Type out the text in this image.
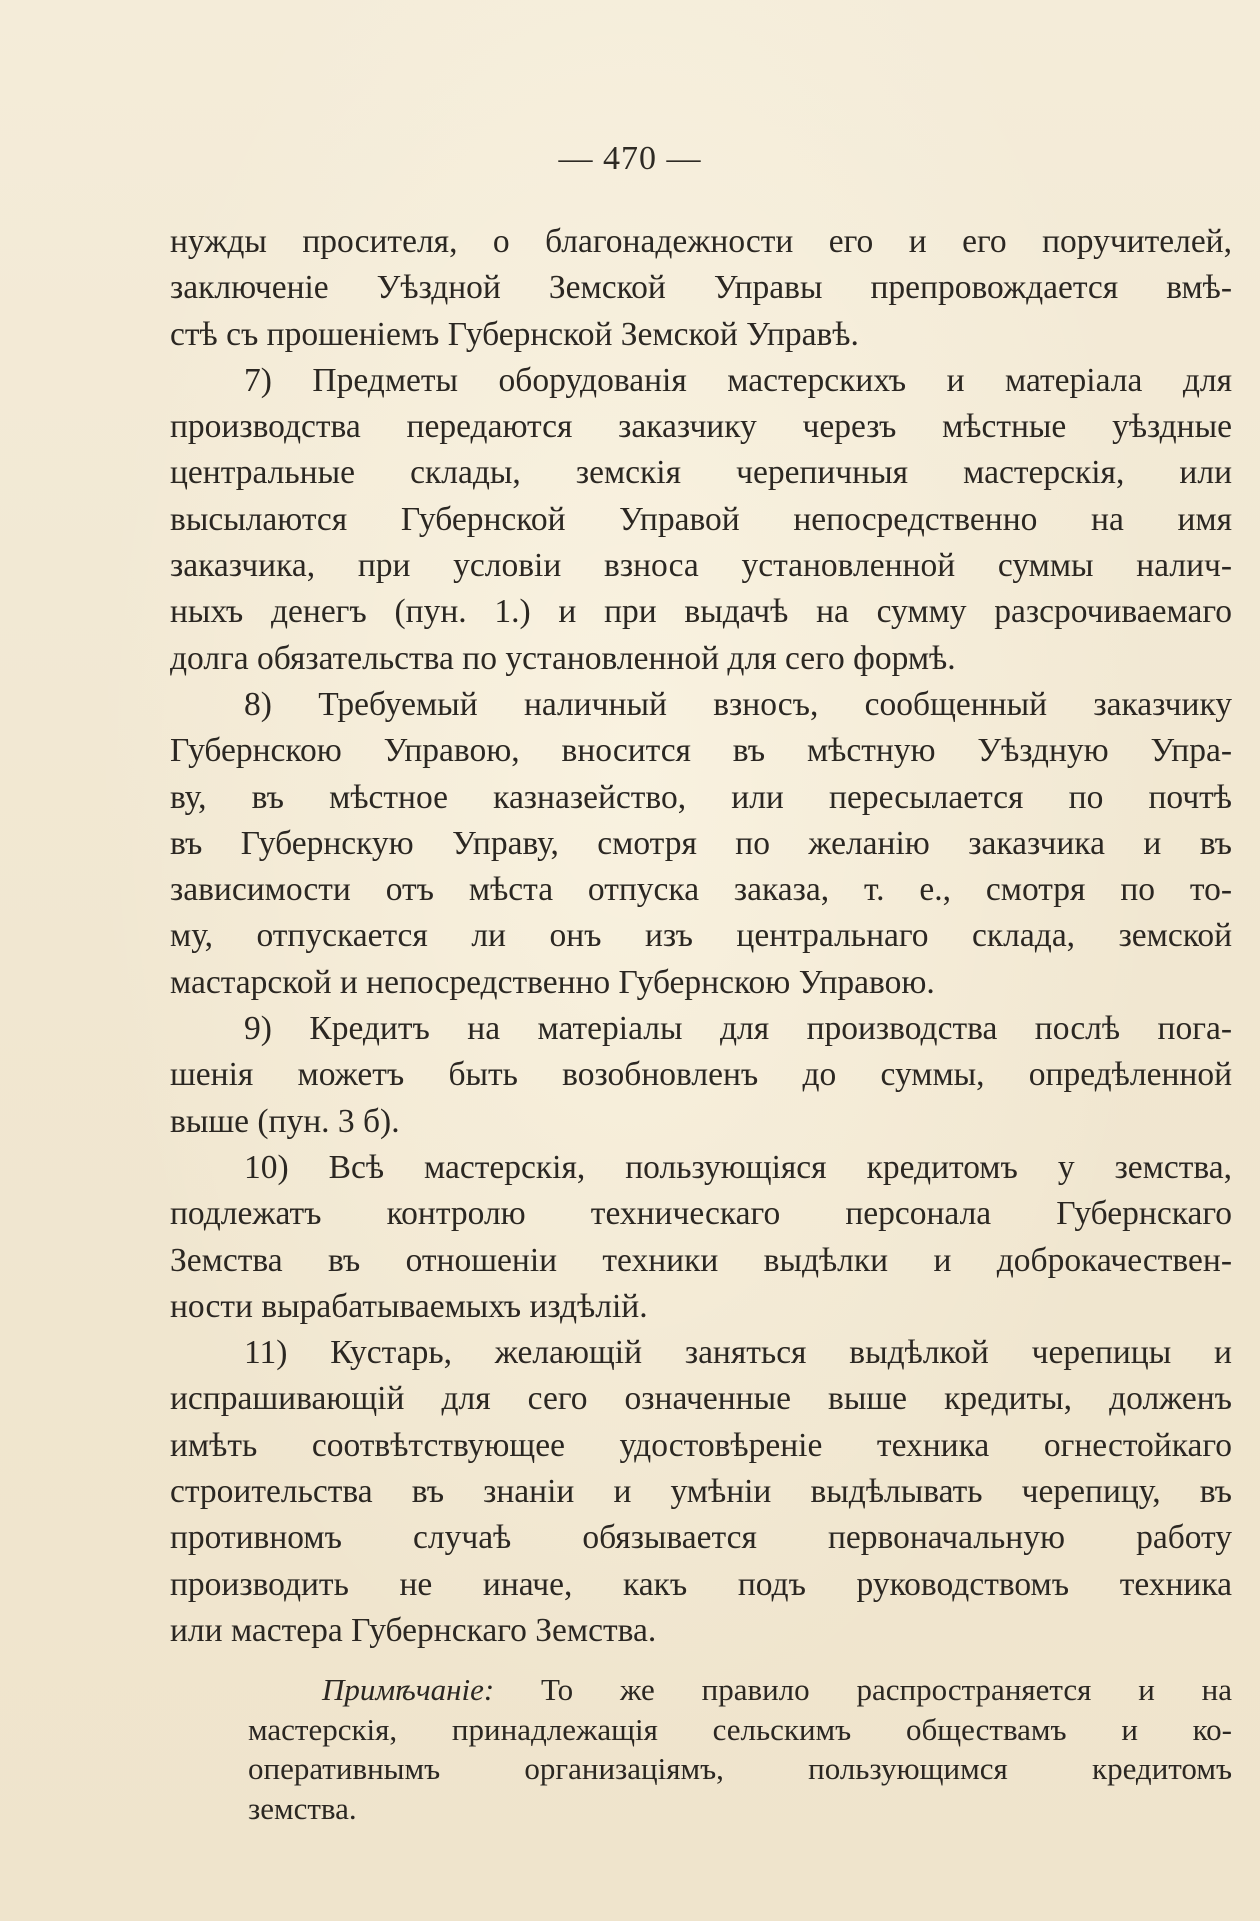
— 470 —
нужды просителя, о благонадежности его и его поручителей,
заключенiе Уѣздной Земской Управы препровождается вмѣ-
стѣ съ прошенiемъ Губернской Земской Управѣ.
7) Предметы оборудованiя мастерскихъ и матерiала для
производства передаются заказчику черезъ мѣстные уѣздные
центральные склады, земскiя черепичныя мастерскiя, или
высылаются Губернской Управой непосредственно на имя
заказчика, при условiи взноса установленной суммы налич-
ныхъ денегъ (пун. 1.) и при выдачѣ на сумму разсрочиваемаго
долга обязательства по установленной для сего формѣ.
8) Требуемый наличный взносъ, сообщенный заказчику
Губернскою Управою, вносится въ мѣстную Уѣздную Упра-
ву, въ мѣстное казназейство, или пересылается по почтѣ
въ Губернскую Управу, смотря по желанiю заказчика и въ
зависимости отъ мѣста отпуска заказа, т. е., смотря по то-
му, отпускается ли онъ изъ центральнаго склада, земской
мастарской и непосредственно Губернскою Управою.
9) Кредитъ на матерiалы для производства послѣ пога-
шенiя можетъ быть возобновленъ до суммы, опредѣленной
выше (пун. 3 б).
10) Всѣ мастерскiя, пользующiяся кредитомъ у земства,
подлежатъ контролю техническаго персонала Губернскаго
Земства въ отношенiи техники выдѣлки и доброкачествен-
ности вырабатываемыхъ издѣлiй.
11) Кустарь, желающiй заняться выдѣлкой черепицы и
испрашивающiй для сего означенные выше кредиты, долженъ
имѣть соотвѣтствующее удостовѣренiе техника огнестойкаго
строительства въ знанiи и умѣнiи выдѣлывать черепицу, въ
противномъ случаѣ обязывается первоначальную работу
производить не иначе, какъ подъ руководствомъ техника
или мастера Губернскаго Земства.
Примѣчанiе: То же правило распространяется и на
мастерскiя, принадлежащiя сельскимъ обществамъ и ко-
оперативнымъ организацiямъ, пользующимся кредитомъ
земства.
